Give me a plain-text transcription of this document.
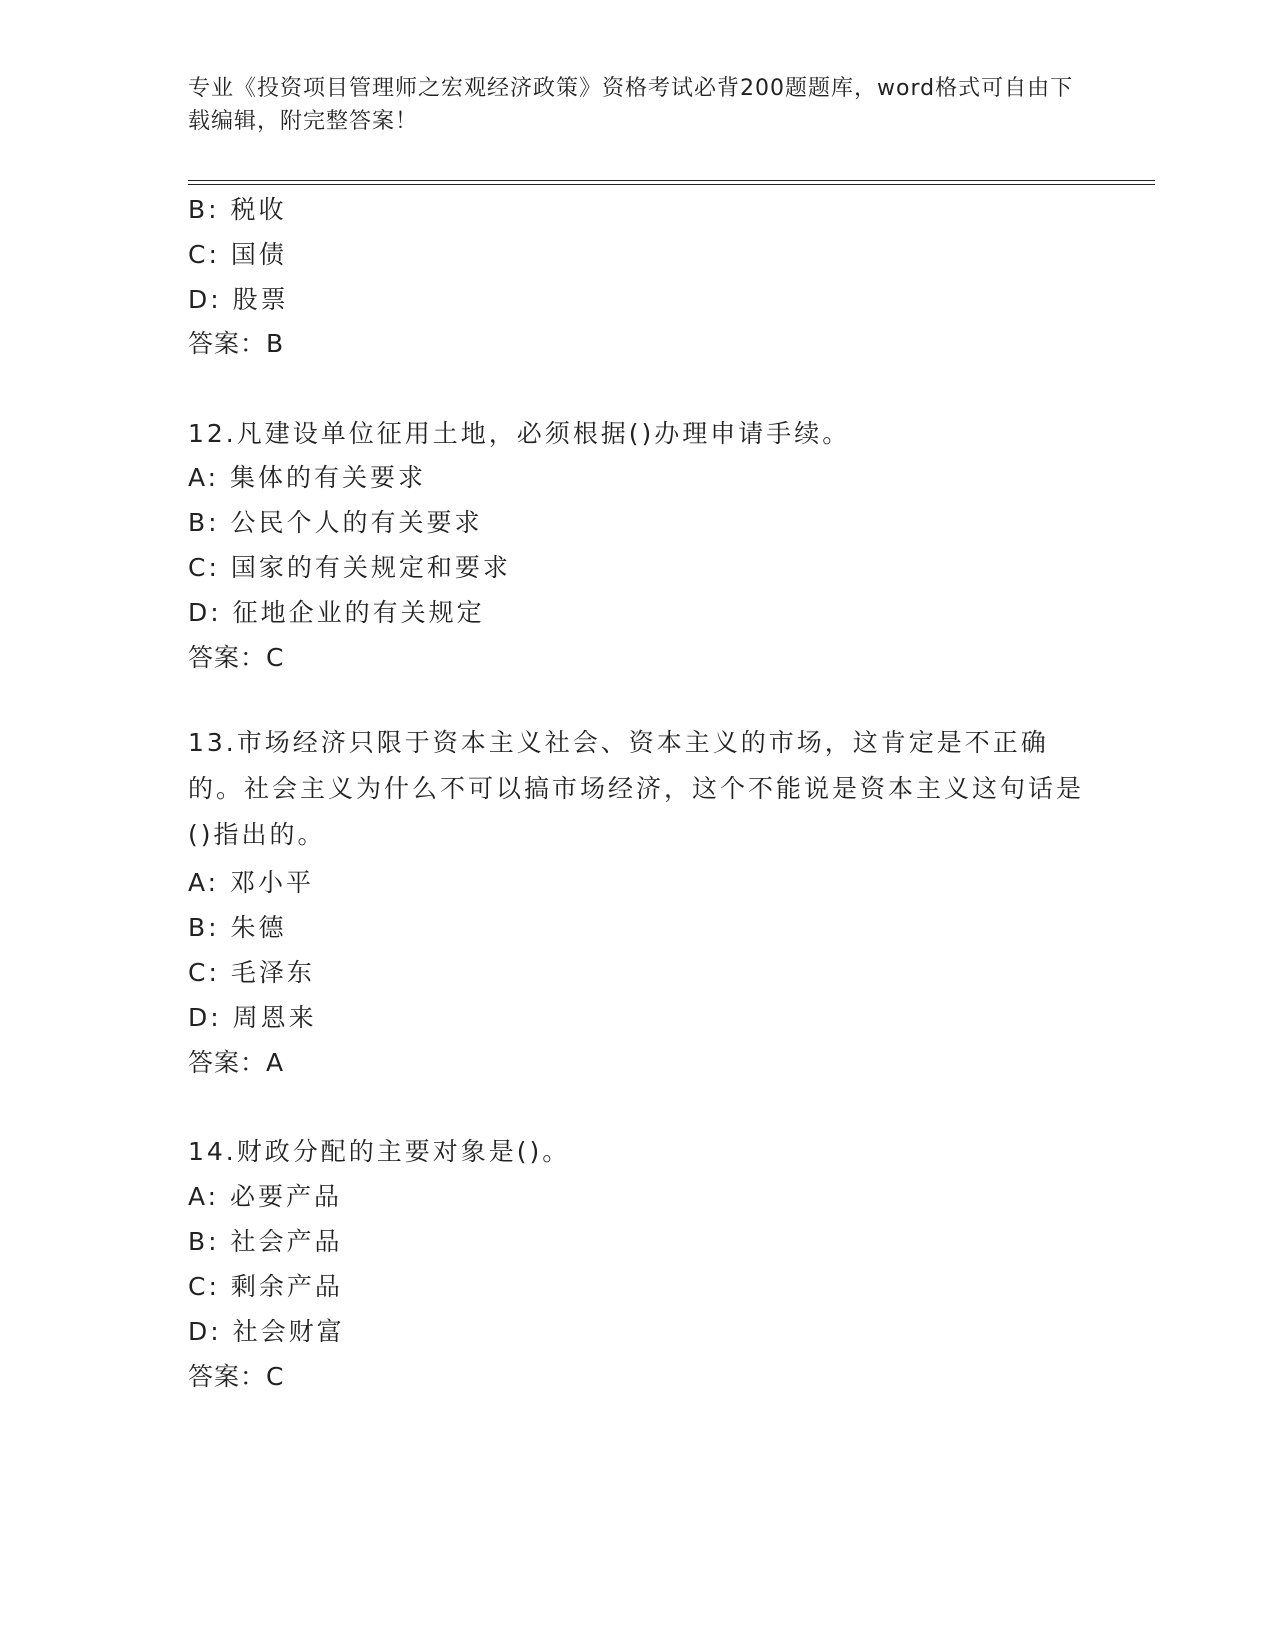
专业《投资项目管理师之宏观经济政策》资格考试必背200题题库，word格式可自由下载编辑，附完整答案！
B: 税收
C: 国债
D: 股票
答案：B
12.凡建设单位征用土地，必须根据()办理申请手续。
A: 集体的有关要求
B: 公民个人的有关要求
C: 国家的有关规定和要求
D: 征地企业的有关规定
答案：C
13.市场经济只限于资本主义社会、资本主义的市场，这肯定是不正确的。社会主义为什么不可以搞市场经济，这个不能说是资本主义这句话是()指出的。
A: 邓小平
B: 朱德
C: 毛泽东
D: 周恩来
答案：A
14.财政分配的主要对象是()。
A: 必要产品
B: 社会产品
C: 剩余产品
D: 社会财富
答案：C
